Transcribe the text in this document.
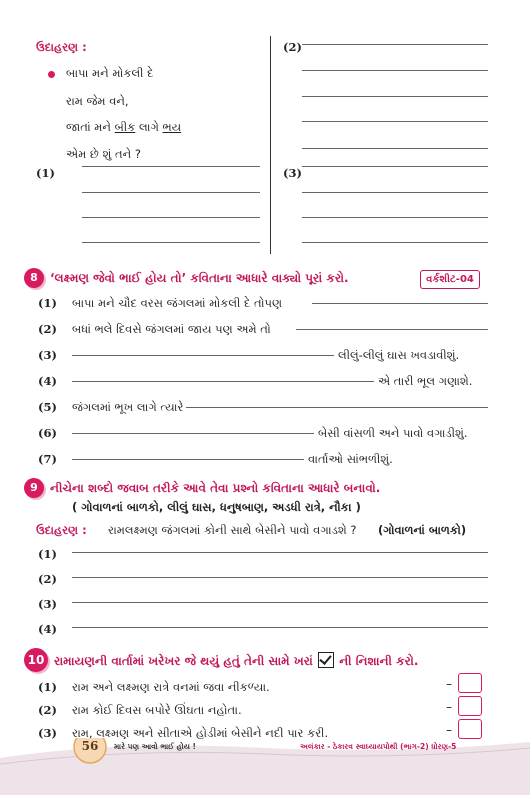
ઉદાહરણ :
બાપા મને મોકલી દે
રામ જેમ વને,
જાતાં મને બીક લાગે ભય
એમ છે શું તને ?
(1)
(2)
(3)
8	‘લક્ષ્મણ જેવો ભાઈ હોય તો’ કવિતાના આધારે વાક્યો પૂરાં કરો.	વર્કશીટ-04
(1) બાપા મને ચૌદ વરસ જંગલમાં મોકલી દે તોપણ
(2) બધાં ભલે દિવસે જંગલમાં જાય પણ અમે તો
(3)	લીલું-લીલું ઘાસ ખવડાવીશું.
(4)	એ તારી ભૂલ ગણાશે.
(5) જંગલમાં ભૂખ લાગે ત્યારે
(6)	બેસી વાંસળી અને પાવો વગાડીશું.
(7)	વાર્તાઓ સાંભળીશું.
9	નીચેના શબ્દો જવાબ તરીકે આવે તેવા પ્રશ્નો કવિતાના આધારે બનાવો.
( ગોવાળનાં બાળકો, લીલું ઘાસ, ધનુષબાણ, અડધી રાત્રે, નૌકા )
ઉદાહરણ : રામલક્ષ્મણ જંગલમાં કોની સાથે બેસીને પાવો વગાડશે ? (ગોવાળનાં બાળકો)
(1)
(2)
(3)
(4)
10 રામાયણની વાર્તામાં ખરેખર જે થયું હતું તેની સામે ખરાં ની નિશાની કરો.
(1) રામ અને લક્ષ્મણ રાત્રે વનમાં જવા નીકળ્યા.	–
(2) રામ કોઈ દિવસ બપોરે ઊંઘતા નહોતા.	–
(3) રામ, લક્ષ્મણ અને સીતાએ હોડીમાં બેસીને નદી પાર કરી.	–
56	મારે પણ આવો ભાઈ હોય !	અલંકાર - ઠેકારવ સ્વાધ્યાયપોથી (ભાગ-2) ધોરણ-5
